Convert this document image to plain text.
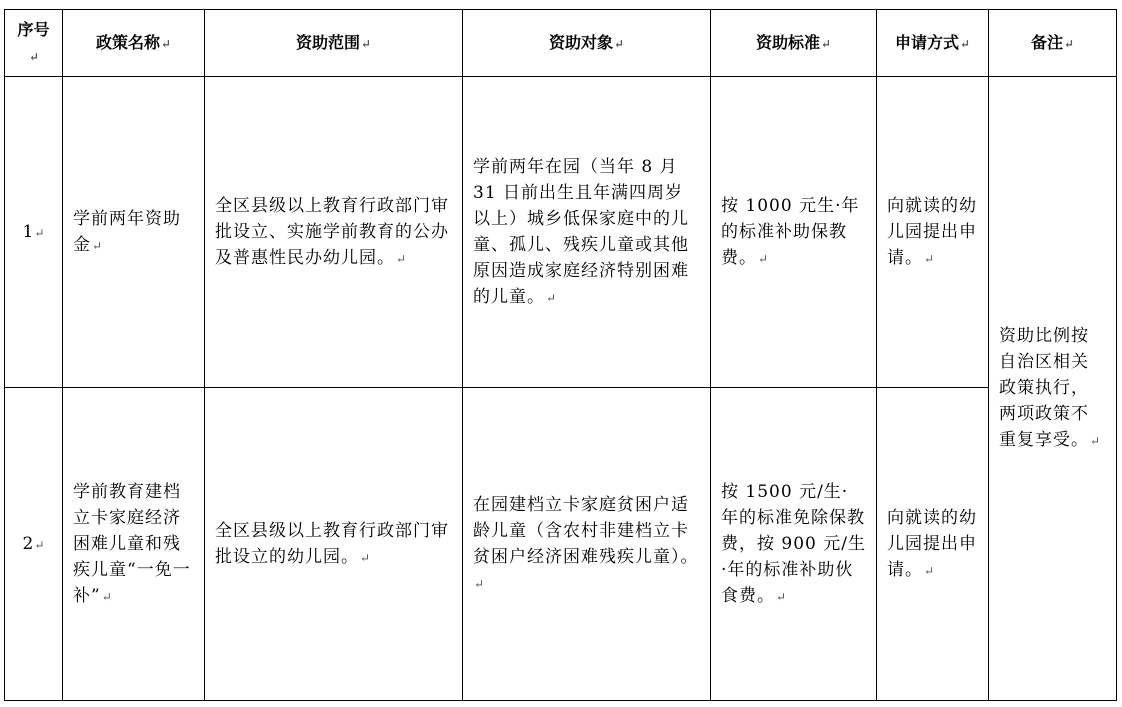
序号↵	政策名称↵	资助范围↵	资助对象↵	资助标准↵	申请方式↵	备注↵
1↵	学前两年资助金↵	全区县级以上教育行政部门审批设立、实施学前教育的公办及普惠性民办幼儿园。↵	学前两年在园（当年 8 月 31 日前出生且年满四周岁以上）城乡低保家庭中的儿童、孤儿、残疾儿童或其他原因造成家庭经济特别困难的儿童。↵	按 1000 元生·年的标准补助保教费。↵	向就读的幼儿园提出申请。↵	资助比例按自治区相关政策执行，两项政策不重复享受。↵
2↵	学前教育建档立卡家庭经济困难儿童和残疾儿童“一免一补”↵	全区县级以上教育行政部门审批设立的幼儿园。↵	在园建档立卡家庭贫困户适龄儿童（含农村非建档立卡贫困户经济困难残疾儿童）。↵	按 1500 元/生·年的标准免除保教费，按 900 元/生·年的标准补助伙食费。↵	向就读的幼儿园提出申请。↵	
